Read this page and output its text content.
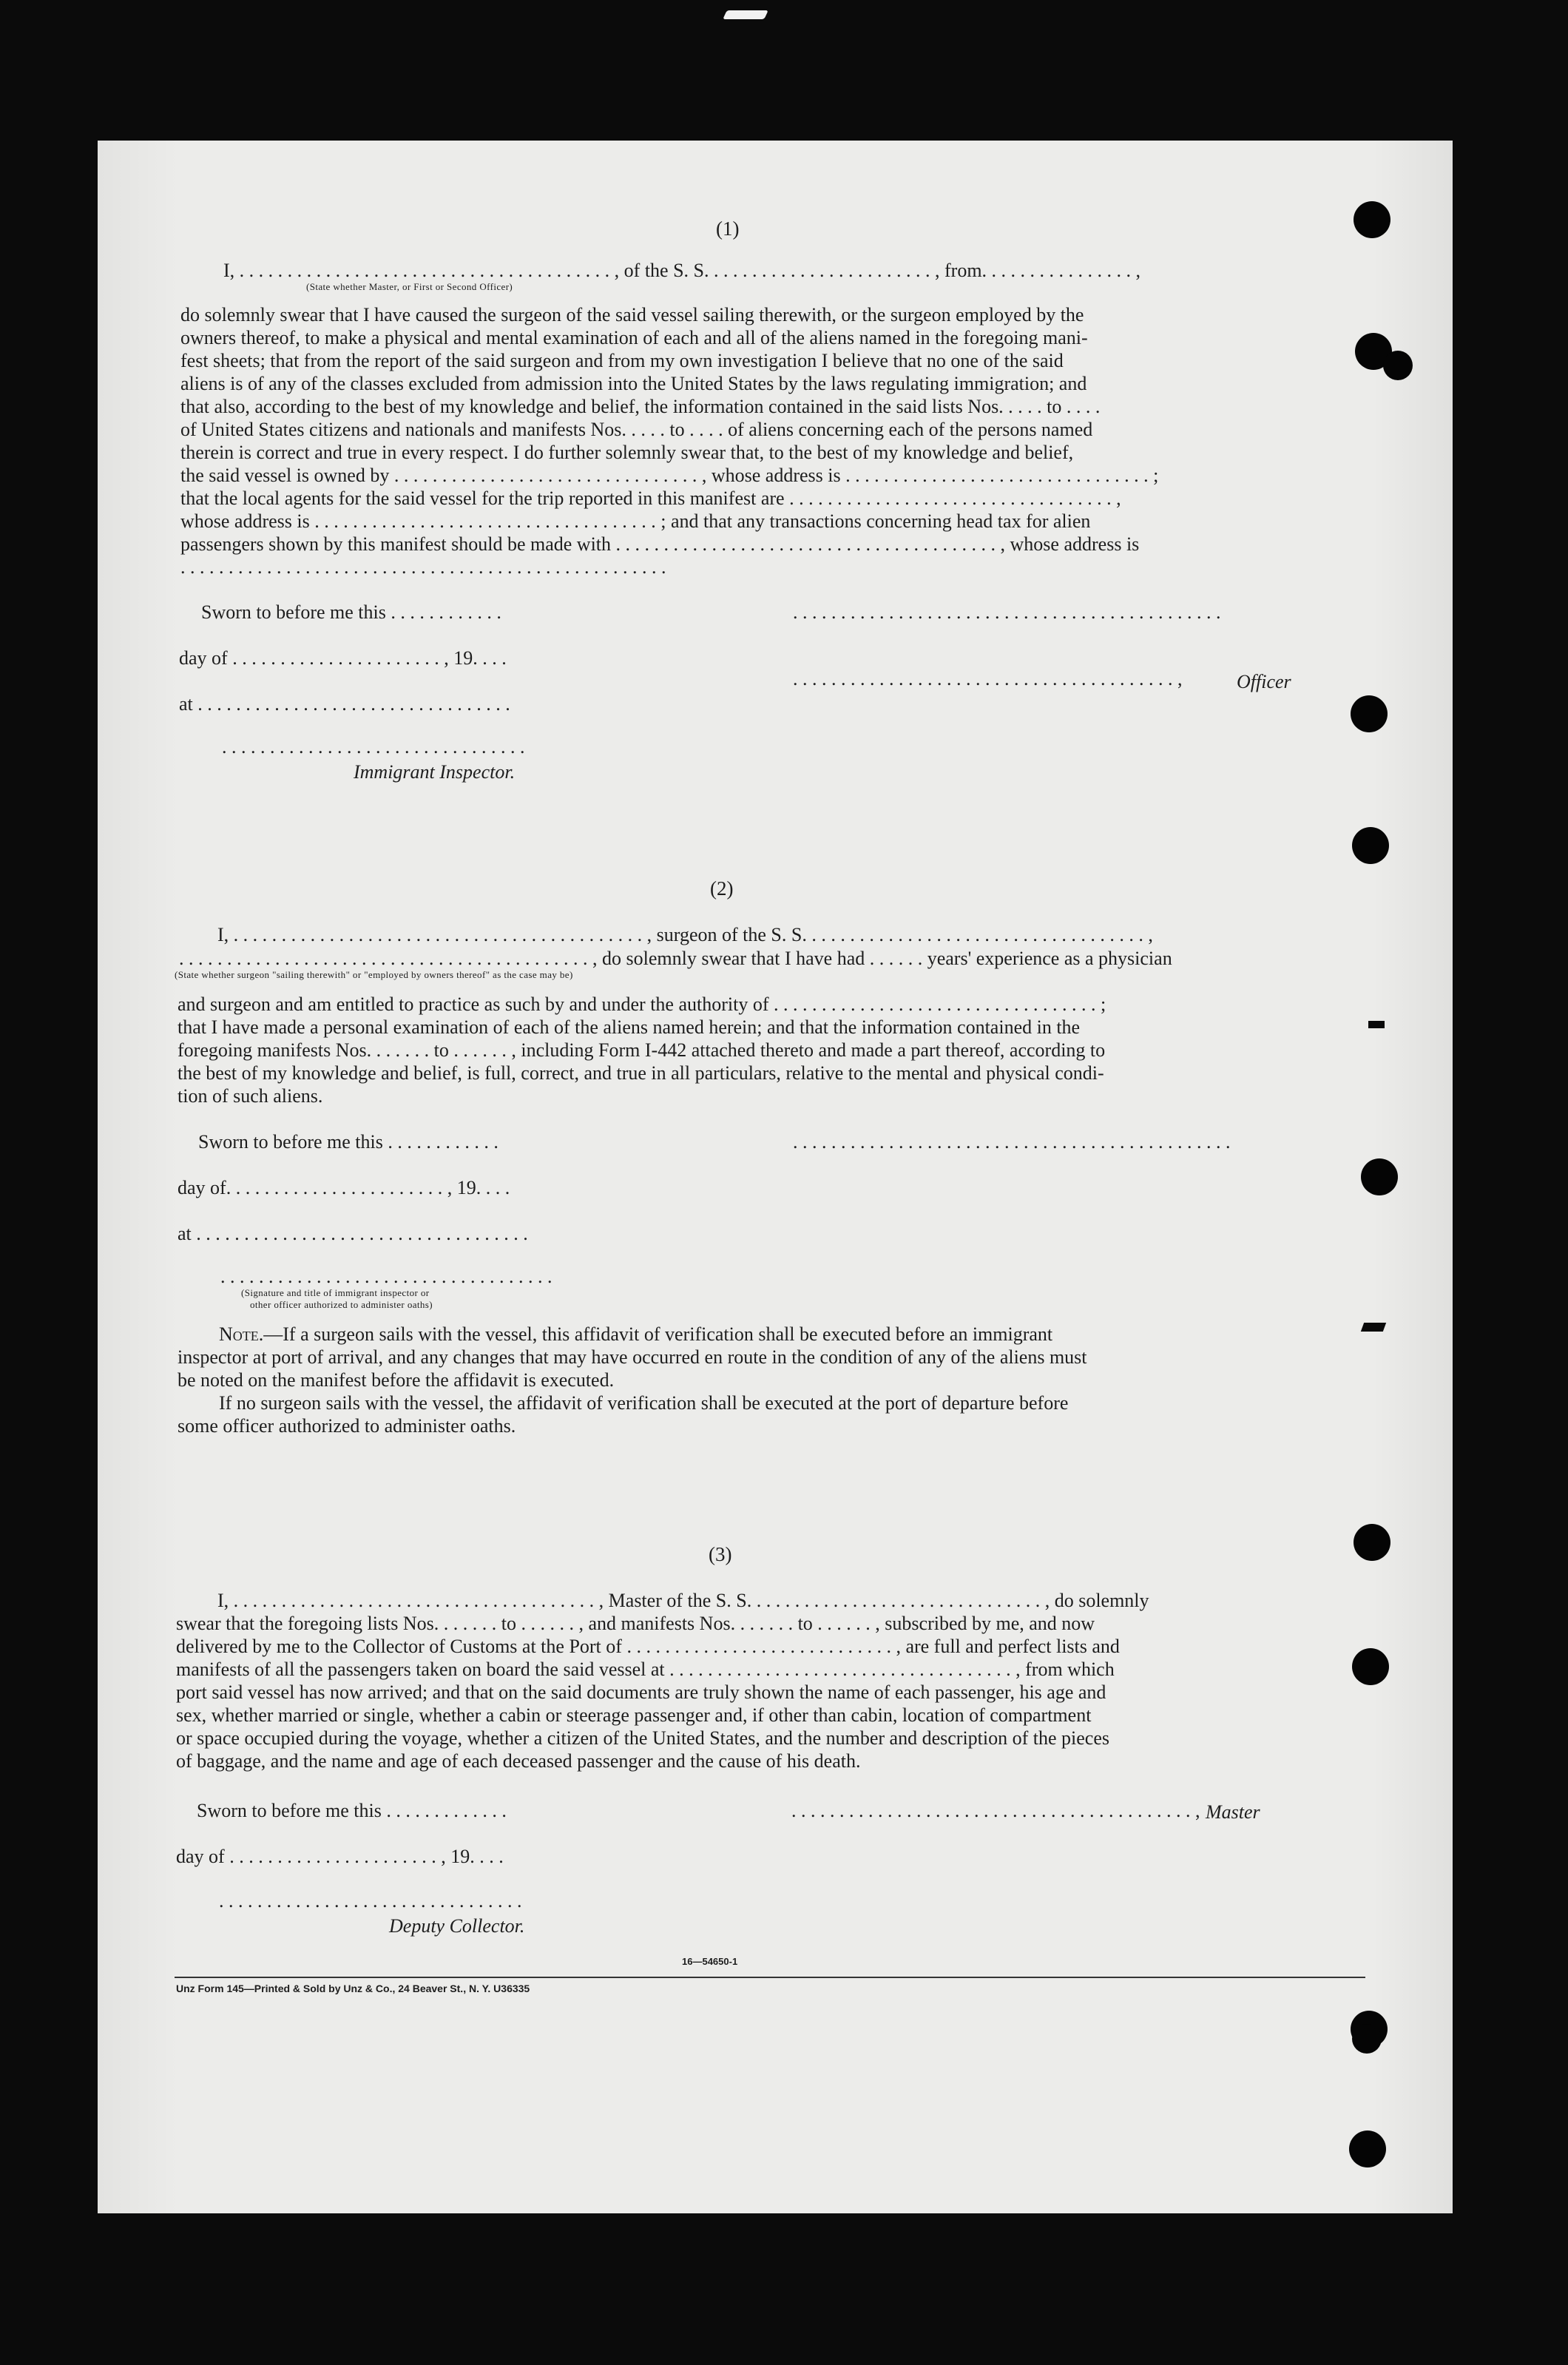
(1)
I, . . . . . . . . . . . . . . . . . . . . . . . . . . . . . . . . . . . . . . . , of the S. S. . . . . . . . . . . . . . . . . . . . . . . . , from. . . . . . . . . . . . . . . . ,
(State whether Master, or First or Second Officer)
do solemnly swear that I have caused the surgeon of the said vessel sailing therewith, or the surgeon employed by the
owners thereof, to make a physical and mental examination of each and all of the aliens named in the foregoing mani-
fest sheets; that from the report of the said surgeon and from my own investigation I believe that no one of the said
aliens is of any of the classes excluded from admission into the United States by the laws regulating immigration; and
that also, according to the best of my knowledge and belief, the information contained in the said lists Nos. . . . . to . . . .
of United States citizens and nationals and manifests Nos. . . . . to . . . . of aliens concerning each of the persons named
therein is correct and true in every respect. I do further solemnly swear that, to the best of my knowledge and belief,
the said vessel is owned by . . . . . . . . . . . . . . . . . . . . . . . . . . . . . . . . , whose address is . . . . . . . . . . . . . . . . . . . . . . . . . . . . . . . . ;
that the local agents for the said vessel for the trip reported in this manifest are . . . . . . . . . . . . . . . . . . . . . . . . . . . . . . . . . . ,
whose address is . . . . . . . . . . . . . . . . . . . . . . . . . . . . . . . . . . . . ; and that any transactions concerning head tax for alien
passengers shown by this manifest should be made with . . . . . . . . . . . . . . . . . . . . . . . . . . . . . . . . . . . . . . . . , whose address is
. . . . . . . . . . . . . . . . . . . . . . . . . . . . . . . . . . . . . . . . . . . . . . . . . . .
Sworn to before me this . . . . . . . . . . . .	. . . . . . . . . . . . . . . . . . . . . . . . . . . . . . . . . . . . . . . . . . . . .
day of . . . . . . . . . . . . . . . . . . . . . . , 19. . . .
. . . . . . . . . . . . . . . . . . . . . . . . . . . . . . . . . . . . . . . . ,	Officer
at . . . . . . . . . . . . . . . . . . . . . . . . . . . . . . . . .
. . . . . . . . . . . . . . . . . . . . . . . . . . . . . . . .
Immigrant Inspector.
(2)
I, . . . . . . . . . . . . . . . . . . . . . . . . . . . . . . . . . . . . . . . . . . . , surgeon of the S. S. . . . . . . . . . . . . . . . . . . . . . . . . . . . . . . . . . . . ,
. . . . . . . . . . . . . . . . . . . . . . . . . . . . . . . . . . . . . . . . . . . , do solemnly swear that I have had . . . . . . years' experience as a physician
(State whether surgeon "sailing therewith" or "employed by owners thereof" as the case may be)
and surgeon and am entitled to practice as such by and under the authority of . . . . . . . . . . . . . . . . . . . . . . . . . . . . . . . . . . ;
that I have made a personal examination of each of the aliens named herein; and that the information contained in the
foregoing manifests Nos. . . . . . . to . . . . . . , including Form I-442 attached thereto and made a part thereof, according to
the best of my knowledge and belief, is full, correct, and true in all particulars, relative to the mental and physical condi-
tion of such aliens.
Sworn to before me this . . . . . . . . . . . .	. . . . . . . . . . . . . . . . . . . . . . . . . . . . . . . . . . . . . . . . . . . . . .
day of. . . . . . . . . . . . . . . . . . . . . . . , 19. . . .
at . . . . . . . . . . . . . . . . . . . . . . . . . . . . . . . . . . .
. . . . . . . . . . . . . . . . . . . . . . . . . . . . . . . . . . .
(Signature and title of immigrant inspector or
other officer authorized to administer oaths)
Note.—If a surgeon sails with the vessel, this affidavit of verification shall be executed before an immigrant
inspector at port of arrival, and any changes that may have occurred en route in the condition of any of the aliens must
be noted on the manifest before the affidavit is executed.
If no surgeon sails with the vessel, the affidavit of verification shall be executed at the port of departure before
some officer authorized to administer oaths.
(3)
I, . . . . . . . . . . . . . . . . . . . . . . . . . . . . . . . . . . . . . . , Master of the S. S. . . . . . . . . . . . . . . . . . . . . . . . . . . . . . . , do solemnly
swear that the foregoing lists Nos. . . . . . . to . . . . . . , and manifests Nos. . . . . . . to . . . . . . , subscribed by me, and now
delivered by me to the Collector of Customs at the Port of . . . . . . . . . . . . . . . . . . . . . . . . . . . . , are full and perfect lists and
manifests of all the passengers taken on board the said vessel at . . . . . . . . . . . . . . . . . . . . . . . . . . . . . . . . . . . . , from which
port said vessel has now arrived; and that on the said documents are truly shown the name of each passenger, his age and
sex, whether married or single, whether a cabin or steerage passenger and, if other than cabin, location of compartment
or space occupied during the voyage, whether a citizen of the United States, and the number and description of the pieces
of baggage, and the name and age of each deceased passenger and the cause of his death.
Sworn to before me this . . . . . . . . . . . . .	. . . . . . . . . . . . . . . . . . . . . . . . . . . . . . . . . . . . . . . . . . , Master
day of . . . . . . . . . . . . . . . . . . . . . . , 19. . . .
. . . . . . . . . . . . . . . . . . . . . . . . . . . . . . . .
Deputy Collector.
16—54650-1
Unz Form 145—Printed & Sold by Unz & Co., 24 Beaver St., N. Y. U36335
